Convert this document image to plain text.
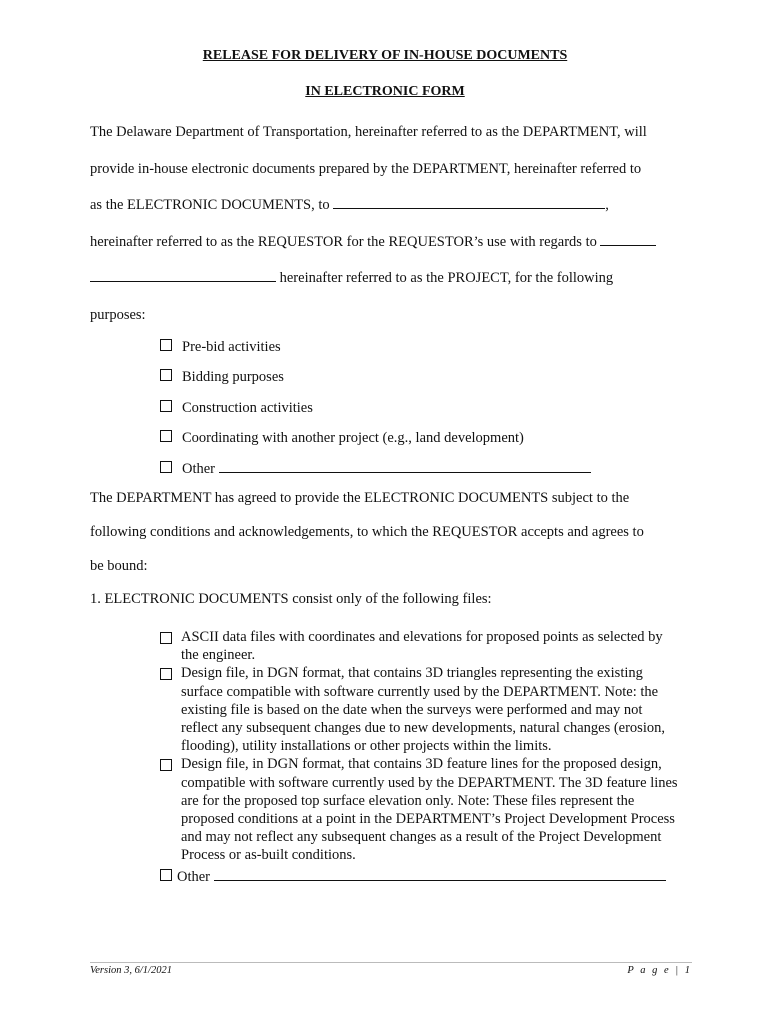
RELEASE FOR DELIVERY OF IN-HOUSE DOCUMENTS
IN ELECTRONIC FORM
The Delaware Department of Transportation, hereinafter referred to as the DEPARTMENT, will
provide in-house electronic documents prepared by the DEPARTMENT, hereinafter referred to
as the ELECTRONIC DOCUMENTS, to	,
hereinafter referred to as the REQUESTOR for the REQUESTOR’s use with regards to
hereinafter referred to as the PROJECT, for the following
purposes:
Pre-bid activities
Bidding purposes
Construction activities
Coordinating with another project (e.g., land development)
Other
The DEPARTMENT has agreed to provide the ELECTRONIC DOCUMENTS subject to the
following conditions and acknowledgements, to which the REQUESTOR accepts and agrees to
be bound:
1. ELECTRONIC DOCUMENTS consist only of the following files:
ASCII data files with coordinates and elevations for proposed points as selected by the engineer.
Design file, in DGN format, that contains 3D triangles representing the existing surface compatible with software currently used by the DEPARTMENT. Note: the existing file is based on the date when the surveys were performed and may not reflect any subsequent changes due to new developments, natural changes (erosion, flooding), utility installations or other projects within the limits.
Design file, in DGN format, that contains 3D feature lines for the proposed design, compatible with software currently used by the DEPARTMENT. The 3D feature lines are for the proposed top surface elevation only. Note: These files represent the proposed conditions at a point in the DEPARTMENT’s Project Development Process and may not reflect any subsequent changes as a result of the Project Development Process or as-built conditions.
Other
Version 3, 6/1/2021	P a g e | 1
